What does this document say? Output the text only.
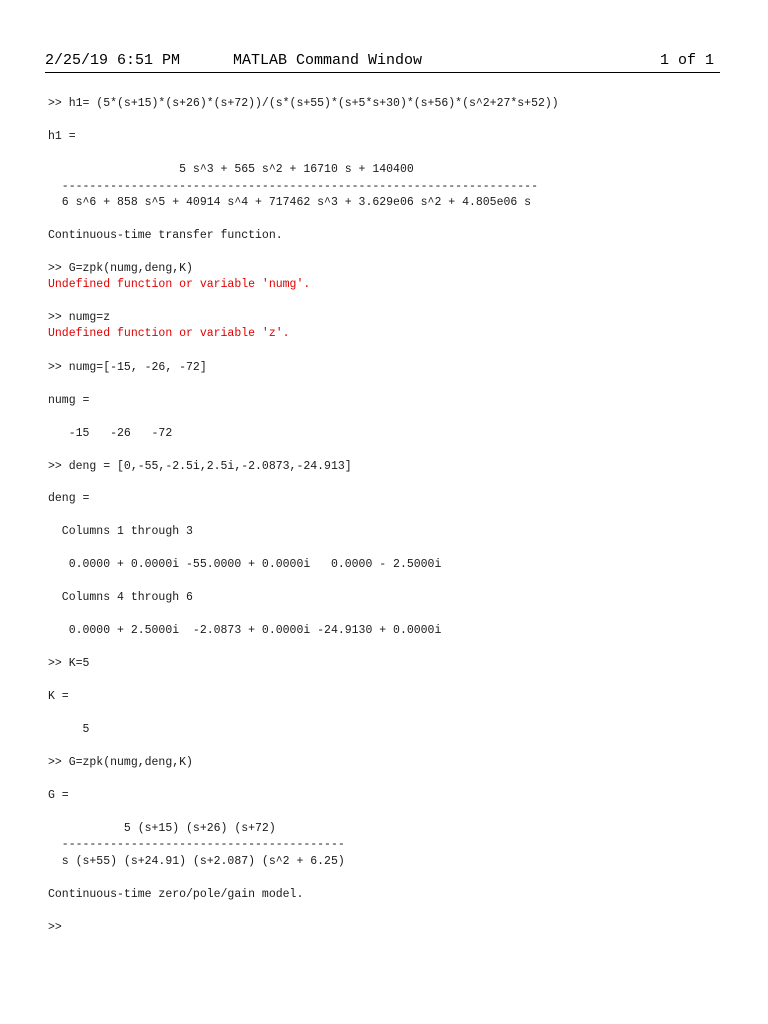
2/25/19 6:51 PM	MATLAB Command Window	1 of 1
>> h1= (5*(s+15)*(s+26)*(s+72))/(s*(s+55)*(s+5*s+30)*(s+56)*(s^2+27*s+52))
h1 =
5 s^3 + 565 s^2 + 16710 s + 140400
---------------------------------------------------------------------
6 s^6 + 858 s^5 + 40914 s^4 + 717462 s^3 + 3.629e06 s^2 + 4.805e06 s
Continuous-time transfer function.
>> G=zpk(numg,deng,K)
Undefined function or variable 'numg'.
>> numg=z
Undefined function or variable 'z'.
>> numg=[-15, -26, -72]
numg =
-15   -26   -72
>> deng = [0,-55,-2.5i,2.5i,-2.0873,-24.913]
deng =
Columns 1 through 3
0.0000 + 0.0000i -55.0000 + 0.0000i   0.0000 - 2.5000i
Columns 4 through 6
0.0000 + 2.5000i  -2.0873 + 0.0000i -24.9130 + 0.0000i
>> K=5
K =
5
>> G=zpk(numg,deng,K)
G =
5 (s+15) (s+26) (s+72)
-----------------------------------------
s (s+55) (s+24.91) (s+2.087) (s^2 + 6.25)
Continuous-time zero/pole/gain model.
>>
